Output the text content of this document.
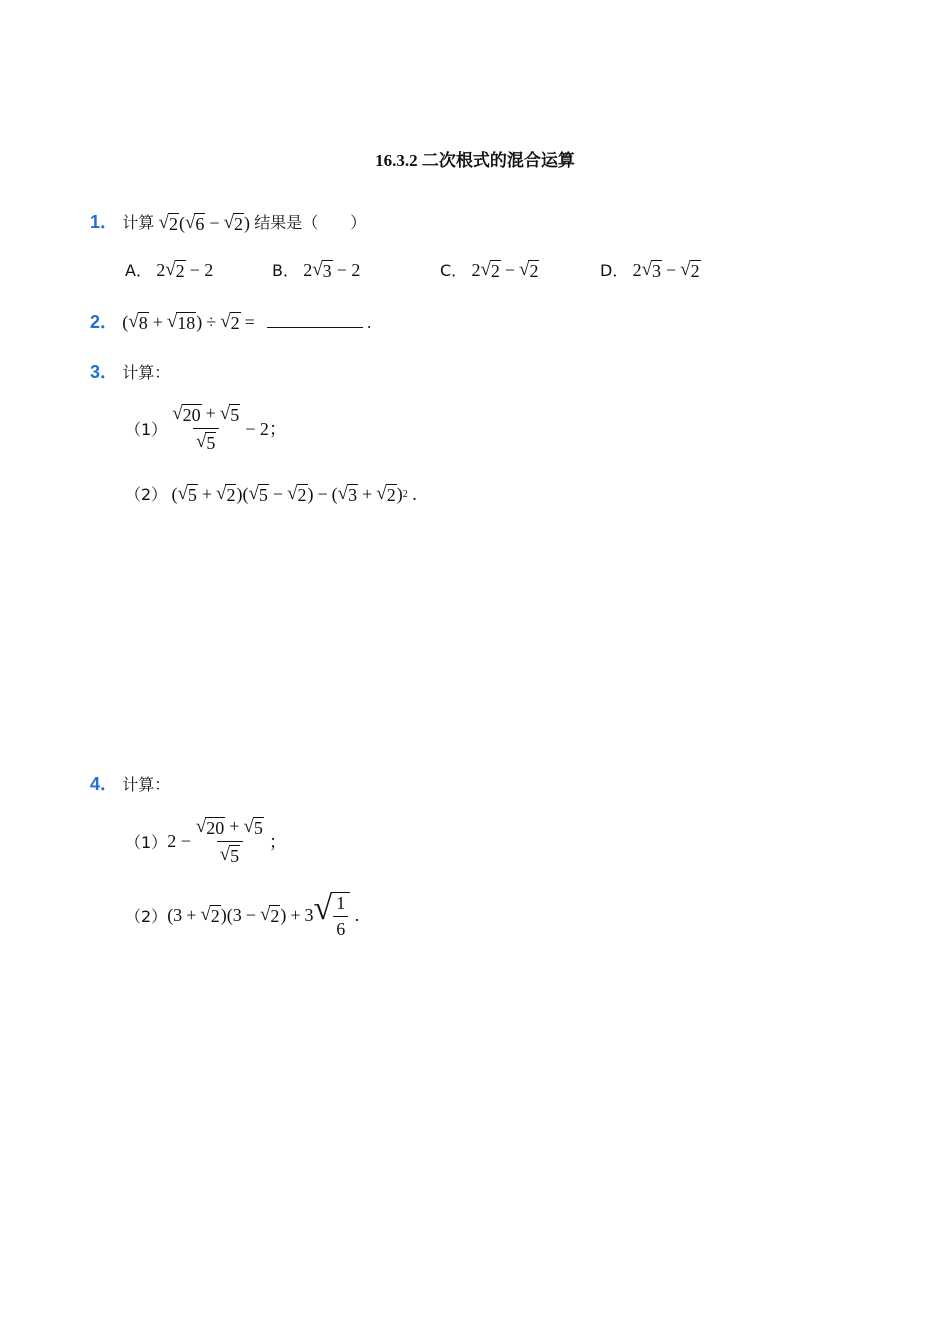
16.3.2 二次根式的混合运算
1． 计算 √ 2 ( √ 6 − √ 2 ) 结果是（　　）
A． 2 √ 2 − 2	B． 2 √ 3 − 2	C． 2 √ 2 − √ 2	D． 2 √ 3 − √ 2
2． ( √ 8 + √ 18 ) ÷ √ 2 =	.
3． 计算：
$(1) \frac{√ 20 + √ 5}{√ 5} - 2$；
（2） ( √ 5 + √ 2 )( √ 5 − √ 2 ) − ( √ 3 + √ 2 ) 2
.
4． 计算：
（1） $2 - \frac{√ 20 + √ 5}{√ 5}$ ；
（2） (3 + √ 2 )(3 − √ 2 ) + 3 √ $\frac{1}{6}$
.
